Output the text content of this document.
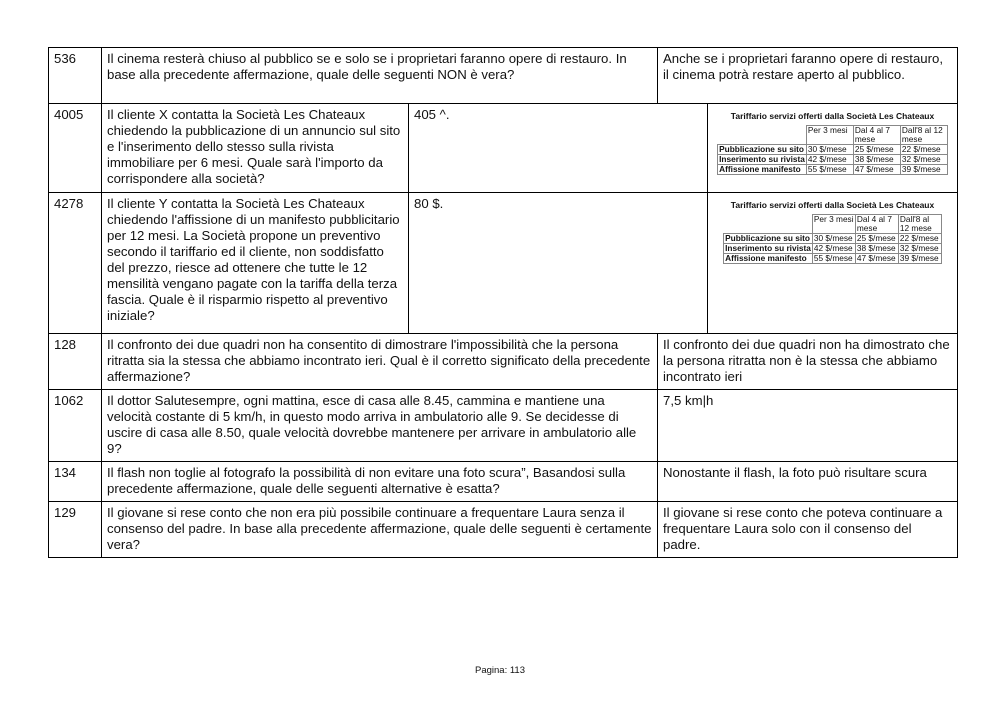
536	Il cinema resterà chiuso al pubblico se e solo se i proprietari faranno opere di restauro. In base alla precedente affermazione, quale delle seguenti NON è vera?	Anche se i proprietari faranno opere di restauro, il cinema potrà restare aperto al pubblico.
4005	Il cliente X contatta la Società Les Chateaux chiedendo la pubblicazione di un annuncio sul sito e l'inserimento dello stesso sulla rivista immobiliare per 6 mesi. Quale sarà l'importo da corrispondere alla società?	405 ^.	Tariffario servizi offerti dalla Società Les Chateaux
	Per 3 mesi	Dal 4 al 7 mese	Dall'8 al 12 mese
Pubblicazione su sito	30 $/mese	25 $/mese	22 $/mese
Inserimento su rivista	42 $/mese	38 $/mese	32 $/mese
Affissione manifesto	55 $/mese	47 $/mese	39 $/mese

4278	Il cliente Y contatta la Società Les Chateaux chiedendo l'affissione di un manifesto pubblicitario per 12 mesi. La Società propone un preventivo secondo il tariffario ed il cliente, non soddisfatto del prezzo, riesce ad ottenere che tutte le 12 mensilità vengano pagate con la tariffa della terza fascia. Quale è il risparmio rispetto al preventivo iniziale?	80 $.	Tariffario servizi offerti dalla Società Les Chateaux
	Per 3 mesi	Dal 4 al 7 mese	Dall'8 al 12 mese
Pubblicazione su sito	30 $/mese	25 $/mese	22 $/mese
Inserimento su rivista	42 $/mese	38 $/mese	32 $/mese
Affissione manifesto	55 $/mese	47 $/mese	39 $/mese

128	Il confronto dei due quadri non ha consentito di dimostrare l'impossibilità che la persona ritratta sia la stessa che abbiamo incontrato ieri. Qual è il corretto significato della precedente affermazione?	Il confronto dei due quadri non ha dimostrato che la persona ritratta non è la stessa che abbiamo incontrato ieri
1062	Il dottor Salutesempre, ogni mattina, esce di casa alle 8.45, cammina e mantiene una velocità costante di 5 km/h, in questo modo arriva in ambulatorio alle 9. Se decidesse di uscire di casa alle 8.50, quale velocità dovrebbe mantenere per arrivare in ambulatorio alle 9?	7,5 km|h
134	Il flash non toglie al fotografo la possibilità di non evitare una foto scura”, Basandosi sulla precedente affermazione, quale delle seguenti alternative è esatta?	Nonostante il flash, la foto può risultare scura
129	Il giovane si rese conto che non era più possibile continuare a frequentare Laura senza il consenso del padre. In base alla precedente affermazione, quale delle seguenti è certamente vera?	Il giovane si rese conto che poteva continuare a frequentare Laura solo con il consenso del padre.
Pagina: 113
